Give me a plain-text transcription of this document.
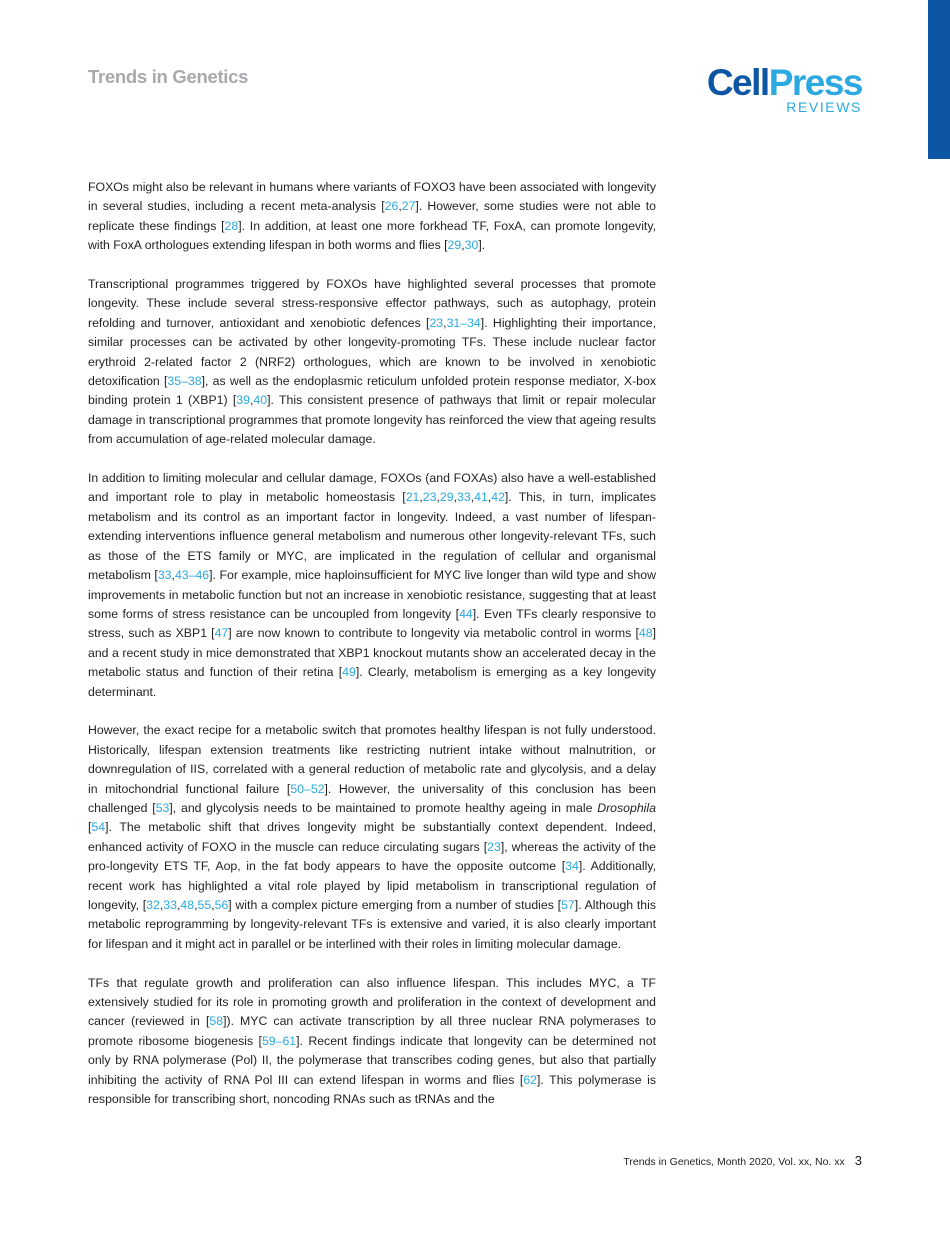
Trends in Genetics	CellPress
REVIEWS

FOXOs might also be relevant in humans where variants of FOXO3 have been associated with longevity in several studies, including a recent meta-analysis [26,27]. However, some studies were not able to replicate these findings [28]. In addition, at least one more forkhead TF, FoxA, can promote longevity, with FoxA orthologues extending lifespan in both worms and flies [29,30].

Transcriptional programmes triggered by FOXOs have highlighted several processes that promote longevity. These include several stress-responsive effector pathways, such as autophagy, protein refolding and turnover, antioxidant and xenobiotic defences [23,31–34]. Highlighting their importance, similar processes can be activated by other longevity-promoting TFs. These include nuclear factor erythroid 2-related factor 2 (NRF2) orthologues, which are known to be involved in xenobiotic detoxification [35–38], as well as the endoplasmic reticulum unfolded protein response mediator, X-box binding protein 1 (XBP1) [39,40]. This consistent presence of pathways that limit or repair molecular damage in transcriptional programmes that promote longevity has reinforced the view that ageing results from accumulation of age-related molecular damage.

In addition to limiting molecular and cellular damage, FOXOs (and FOXAs) also have a well-established and important role to play in metabolic homeostasis [21,23,29,33,41,42]. This, in turn, implicates metabolism and its control as an important factor in longevity. Indeed, a vast number of lifespan-extending interventions influence general metabolism and numerous other longevity-relevant TFs, such as those of the ETS family or MYC, are implicated in the regulation of cellular and organismal metabolism [33,43–46]. For example, mice haploinsufficient for MYC live longer than wild type and show improvements in metabolic function but not an increase in xenobiotic resistance, suggesting that at least some forms of stress resistance can be uncoupled from longevity [44]. Even TFs clearly responsive to stress, such as XBP1 [47] are now known to contribute to longevity via metabolic control in worms [48] and a recent study in mice demonstrated that XBP1 knockout mutants show an accelerated decay in the metabolic status and function of their retina [49]. Clearly, metabolism is emerging as a key longevity determinant.

However, the exact recipe for a metabolic switch that promotes healthy lifespan is not fully understood. Historically, lifespan extension treatments like restricting nutrient intake without malnutrition, or downregulation of IIS, correlated with a general reduction of metabolic rate and glycolysis, and a delay in mitochondrial functional failure [50–52]. However, the universality of this conclusion has been challenged [53], and glycolysis needs to be maintained to promote healthy ageing in male Drosophila [54]. The metabolic shift that drives longevity might be substantially context dependent. Indeed, enhanced activity of FOXO in the muscle can reduce circulating sugars [23], whereas the activity of the pro-longevity ETS TF, Aop, in the fat body appears to have the opposite outcome [34]. Additionally, recent work has highlighted a vital role played by lipid metabolism in transcriptional regulation of longevity, [32,33,48,55,56] with a complex picture emerging from a number of studies [57]. Although this metabolic reprogramming by longevity-relevant TFs is extensive and varied, it is also clearly important for lifespan and it might act in parallel or be interlined with their roles in limiting molecular damage.

TFs that regulate growth and proliferation can also influence lifespan. This includes MYC, a TF extensively studied for its role in promoting growth and proliferation in the context of development and cancer (reviewed in [58]). MYC can activate transcription by all three nuclear RNA polymerases to promote ribosome biogenesis [59–61]. Recent findings indicate that longevity can be determined not only by RNA polymerase (Pol) II, the polymerase that transcribes coding genes, but also that partially inhibiting the activity of RNA Pol III can extend lifespan in worms and flies [62]. This polymerase is responsible for transcribing short, noncoding RNAs such as tRNAs and the

Trends in Genetics, Month 2020, Vol. xx, No. xx 3
